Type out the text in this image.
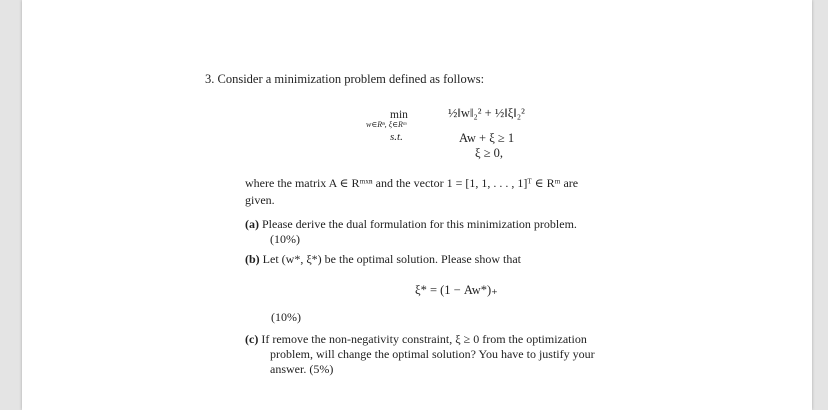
3. Consider a minimization problem defined as follows:
min
w∈Rⁿ, ξ∈Rᵐ
½‖w‖₂² + ½‖ξ‖₂²
s.t.	Aw + ξ ≥ 1
ξ ≥ 0,
where the matrix A ∈ Rᵐˣⁿ and the vector 1 = [1, 1, . . . , 1]ᵀ ∈ Rᵐ are
given.
(a) Please derive the dual formulation for this minimization problem.
(10%)
(b) Let (w*, ξ*) be the optimal solution. Please show that
ξ* = (1 − Aw*)₊
(10%)
(c) If remove the non-negativity constraint, ξ ≥ 0 from the optimization
problem, will change the optimal solution? You have to justify your
answer. (5%)
